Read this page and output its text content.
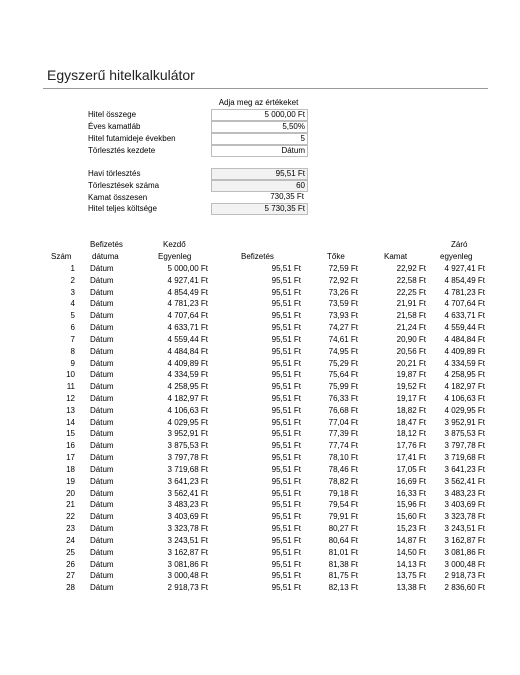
Egyszerű hitelkalkulátor
Adja meg az értékeket
Hitel összege	5 000,00 Ft
Éves kamatláb	5,50%
Hitel futamideje években	5
Törlesztés kezdete	Dátum
Havi törlesztés	95,51 Ft
Törlesztések száma	60
Kamat összesen	730,35 Ft
Hitel teljes költsége	5 730,35 Ft
Befizetés
dátuma
Szám
Kezdő
Egyenleg	Befizetés	Tőke	Kamat
Záró
egyenleg
1 Dátum	5 000,00 Ft	95,51 Ft	72,59 Ft	22,92 Ft 4 927,41 Ft
2 Dátum	4 927,41 Ft	95,51 Ft	72,92 Ft	22,58 Ft 4 854,49 Ft
3 Dátum	4 854,49 Ft	95,51 Ft	73,26 Ft	22,25 Ft 4 781,23 Ft
4 Dátum	4 781,23 Ft	95,51 Ft	73,59 Ft	21,91 Ft 4 707,64 Ft
5 Dátum	4 707,64 Ft	95,51 Ft	73,93 Ft	21,58 Ft 4 633,71 Ft
6 Dátum	4 633,71 Ft	95,51 Ft	74,27 Ft	21,24 Ft 4 559,44 Ft
7 Dátum	4 559,44 Ft	95,51 Ft	74,61 Ft	20,90 Ft 4 484,84 Ft
8 Dátum	4 484,84 Ft	95,51 Ft	74,95 Ft	20,56 Ft 4 409,89 Ft
9 Dátum	4 409,89 Ft	95,51 Ft	75,29 Ft	20,21 Ft 4 334,59 Ft
10 Dátum	4 334,59 Ft	95,51 Ft	75,64 Ft	19,87 Ft 4 258,95 Ft
11 Dátum	4 258,95 Ft	95,51 Ft	75,99 Ft	19,52 Ft 4 182,97 Ft
12 Dátum	4 182,97 Ft	95,51 Ft	76,33 Ft	19,17 Ft 4 106,63 Ft
13 Dátum	4 106,63 Ft	95,51 Ft	76,68 Ft	18,82 Ft 4 029,95 Ft
14 Dátum	4 029,95 Ft	95,51 Ft	77,04 Ft	18,47 Ft 3 952,91 Ft
15 Dátum	3 952,91 Ft	95,51 Ft	77,39 Ft	18,12 Ft 3 875,53 Ft
16 Dátum	3 875,53 Ft	95,51 Ft	77,74 Ft	17,76 Ft 3 797,78 Ft
17 Dátum	3 797,78 Ft	95,51 Ft	78,10 Ft	17,41 Ft 3 719,68 Ft
18 Dátum	3 719,68 Ft	95,51 Ft	78,46 Ft	17,05 Ft 3 641,23 Ft
19 Dátum	3 641,23 Ft	95,51 Ft	78,82 Ft	16,69 Ft 3 562,41 Ft
20 Dátum	3 562,41 Ft	95,51 Ft	79,18 Ft	16,33 Ft 3 483,23 Ft
21 Dátum	3 483,23 Ft	95,51 Ft	79,54 Ft	15,96 Ft 3 403,69 Ft
22 Dátum	3 403,69 Ft	95,51 Ft	79,91 Ft	15,60 Ft 3 323,78 Ft
23 Dátum	3 323,78 Ft	95,51 Ft	80,27 Ft	15,23 Ft 3 243,51 Ft
24 Dátum	3 243,51 Ft	95,51 Ft	80,64 Ft	14,87 Ft 3 162,87 Ft
25 Dátum	3 162,87 Ft	95,51 Ft	81,01 Ft	14,50 Ft 3 081,86 Ft
26 Dátum	3 081,86 Ft	95,51 Ft	81,38 Ft	14,13 Ft 3 000,48 Ft
27 Dátum	3 000,48 Ft	95,51 Ft	81,75 Ft	13,75 Ft 2 918,73 Ft
28 Dátum	2 918,73 Ft	95,51 Ft	82,13 Ft	13,38 Ft 2 836,60 Ft
